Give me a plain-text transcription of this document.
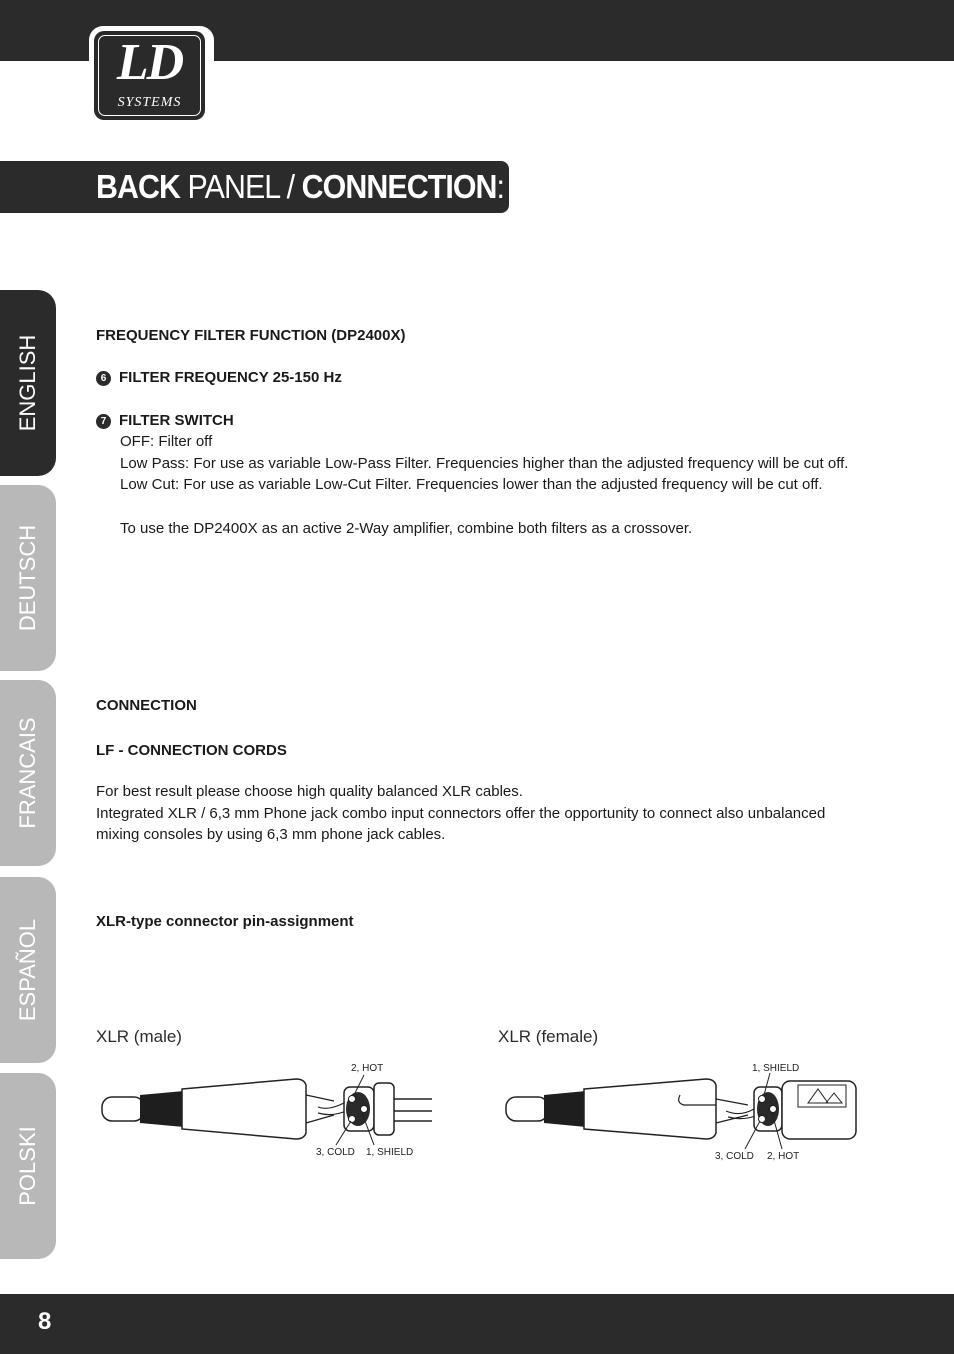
LD
SYSTEMS
BACK PANEL / CONNECTION:
ENGLISH
DEUTSCH
FRANCAIS
ESPAÑOL
POLSKI

FREQUENCY FILTER FUNCTION (DP2400X)

6 FILTER FREQUENCY 25-150 Hz
7 FILTER SWITCH

OFF: Filter off

Low Pass: For use as variable Low-Pass Filter. Frequencies higher than the adjusted frequency will be cut off.

Low Cut: For use as variable Low-Cut Filter. Frequencies lower than the adjusted frequency will be cut off.

To use the DP2400X as an active 2-Way amplifier, combine both filters as a crossover.

CONNECTION

LF - CONNECTION CORDS

For best result please choose high quality balanced XLR cables.

Integrated XLR / 6,3 mm Phone jack combo input connectors offer the opportunity to connect also unbalanced

mixing consoles by using 6,3 mm phone jack cables.

XLR-type connector pin-assignment

XLR (male)	XLR (female)
2, HOT
3, COLD 1, SHIELD
1, SHIELD
3, COLD 2, HOT
8
